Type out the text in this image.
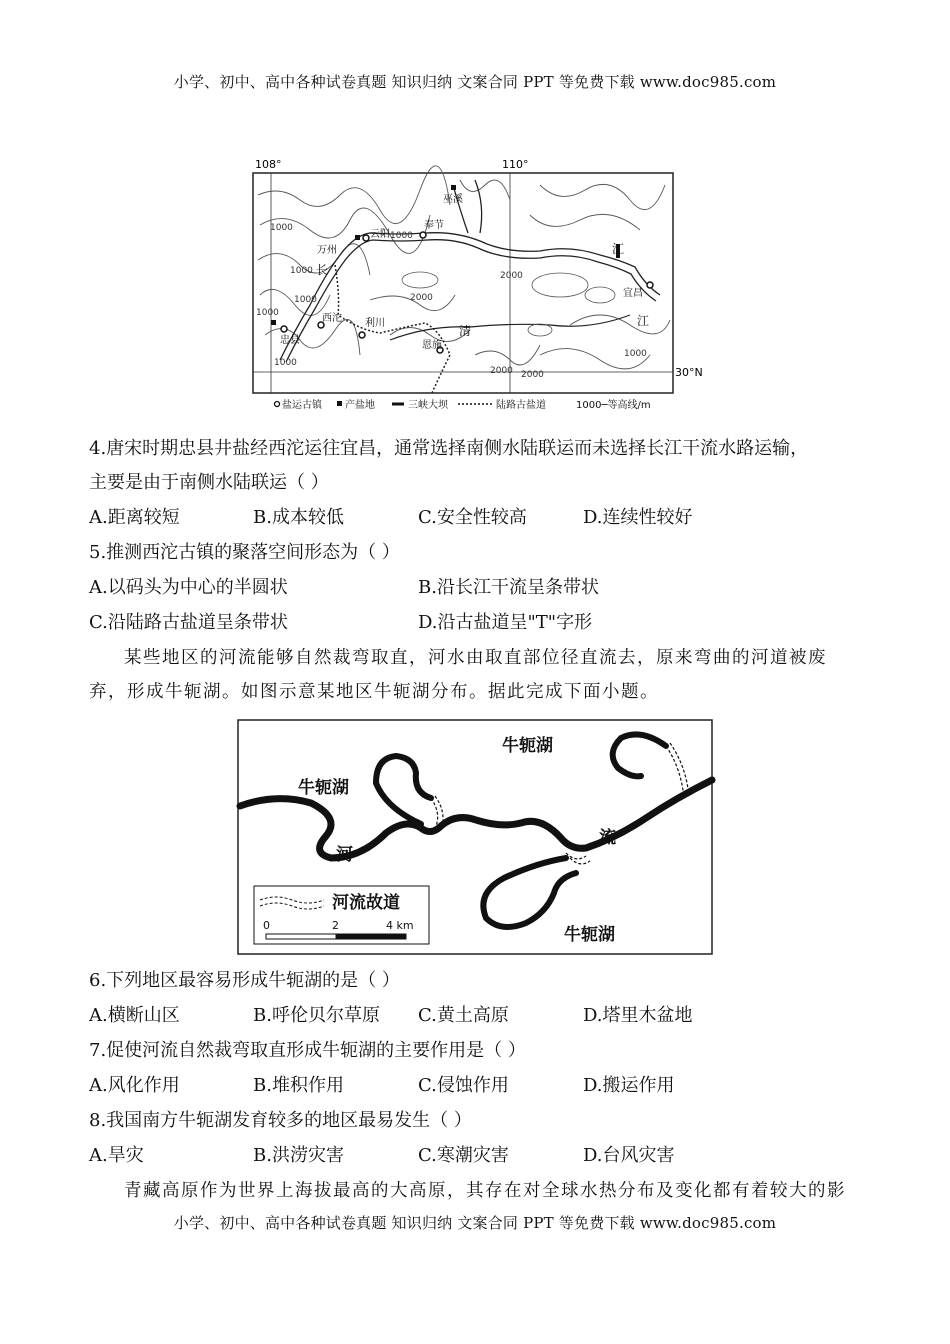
小学、初中、高中各种试卷真题 知识归纳 文案合同 PPT 等免费下载 www.doc985.com
108°	110°
30°N
巫溪
奉节
云阳
万州
西沱
忠县
利川
恩施
宜昌
长
江
江
清
1000
1000
1000
1000
1000
1000
2000
2000
2000 2000
1000
盐运古镇 产盐地	三峡大坝	陆路古盐道	1000─等高线/m
4.唐宋时期忠县井盐经西沱运往宜昌，通常选择南侧水陆联运而未选择长江干流水路运输，
主要是由于南侧水陆联运（ ）
A.距离较短	B.成本较低	C.安全性较高	D.连续性较好
5.推测西沱古镇的聚落空间形态为（ ）
A.以码头为中心的半圆状	B.沿长江干流呈条带状
C.沿陆路古盐道呈条带状	D.沿古盐道呈"T"字形
某些地区的河流能够自然裁弯取直，河水由取直部位径直流去，原来弯曲的河道被废
弃，形成牛轭湖。如图示意某地区牛轭湖分布。据此完成下面小题。
牛轭湖
牛轭湖
牛轭湖
河
流
河流故道
0	2	4 km
6.下列地区最容易形成牛轭湖的是（ ）
A.横断山区	B.呼伦贝尔草原 C.黄土高原	D.塔里木盆地
7.促使河流自然裁弯取直形成牛轭湖的主要作用是（ ）
A.风化作用	B.堆积作用	C.侵蚀作用	D.搬运作用
8.我国南方牛轭湖发育较多的地区最易发生（ ）
A.旱灾	B.洪涝灾害	C.寒潮灾害	D.台风灾害
青藏高原作为世界上海拔最高的大高原，其存在对全球水热分布及变化都有着较大的影
小学、初中、高中各种试卷真题 知识归纳 文案合同 PPT 等免费下载 www.doc985.com
